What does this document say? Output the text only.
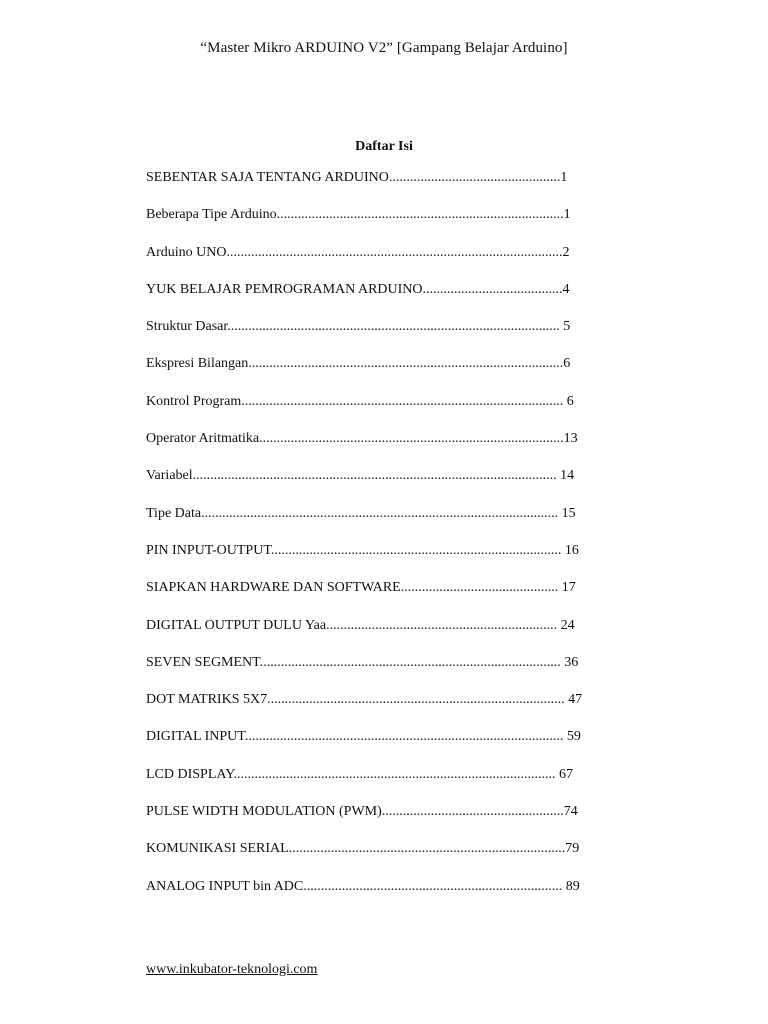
“Master Mikro ARDUINO V2” [Gampang Belajar Arduino]
Daftar Isi
SEBENTAR SAJA TENTANG ARDUINO.................................................1
Beberapa Tipe Arduino..................................................................................1
Arduino UNO................................................................................................2
YUK BELAJAR PEMROGRAMAN ARDUINO........................................4
Struktur Dasar............................................................................................... 5
Ekspresi Bilangan..........................................................................................6
Kontrol Program............................................................................................ 6
Operator Aritmatika.......................................................................................13
Variabel........................................................................................................ 14
Tipe Data...................................................................................................... 15
PIN INPUT-OUTPUT................................................................................... 16
SIAPKAN HARDWARE DAN SOFTWARE............................................. 17
DIGITAL OUTPUT DULU Yaa.................................................................. 24
SEVEN SEGMENT...................................................................................... 36
DOT MATRIKS 5X7..................................................................................... 47
DIGITAL INPUT........................................................................................... 59
LCD DISPLAY............................................................................................ 67
PULSE WIDTH MODULATION (PWM)....................................................74
KOMUNIKASI SERIAL...............................................................................79
ANALOG INPUT bin ADC.......................................................................... 89
www.inkubator-teknologi.com
